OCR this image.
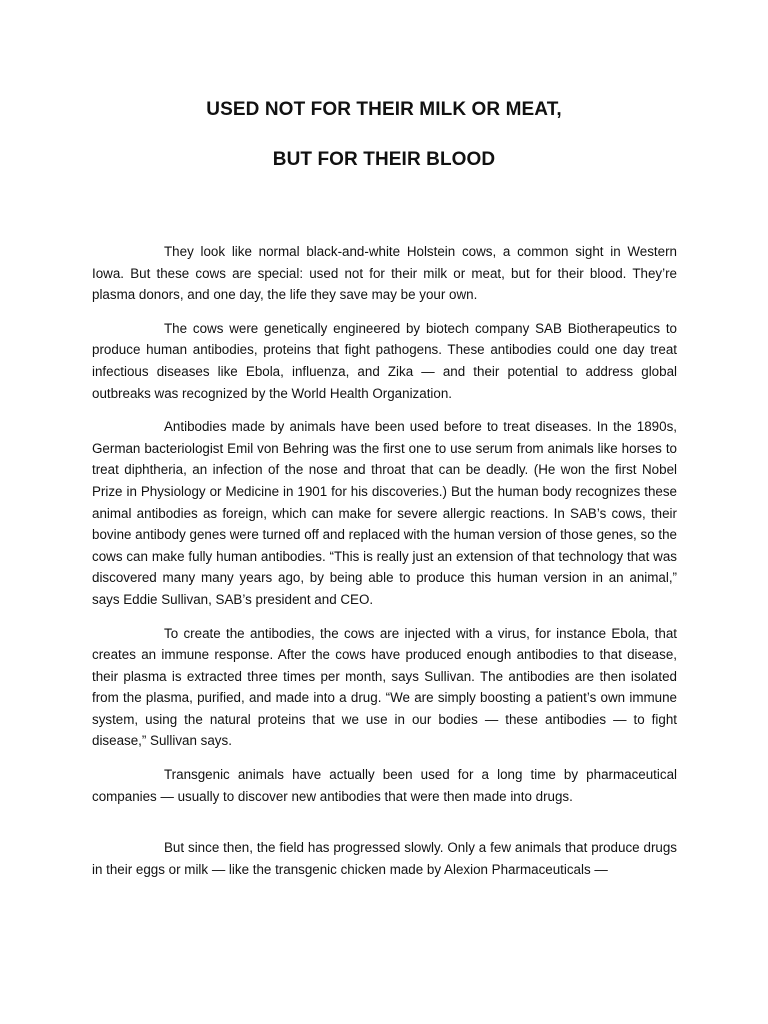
USED NOT FOR THEIR MILK OR MEAT,
BUT FOR THEIR BLOOD

They look like normal black-and-white Holstein cows, a common sight in Western Iowa. But these cows are special: used not for their milk or meat, but for their blood. They’re plasma donors, and one day, the life they save may be your own.

The cows were genetically engineered by biotech company SAB Biotherapeutics to produce human antibodies, proteins that fight pathogens. These antibodies could one day treat infectious diseases like Ebola, influenza, and Zika — and their potential to address global outbreaks was recognized by the World Health Organization.

Antibodies made by animals have been used before to treat diseases. In the 1890s, German bacteriologist Emil von Behring was the first one to use serum from animals like horses to treat diphtheria, an infection of the nose and throat that can be deadly. (He won the first Nobel Prize in Physiology or Medicine in 1901 for his discoveries.) But the human body recognizes these animal antibodies as foreign, which can make for severe allergic reactions. In SAB’s cows, their bovine antibody genes were turned off and replaced with the human version of those genes, so the cows can make fully human antibodies. “This is really just an extension of that technology that was discovered many many years ago, by being able to produce this human version in an animal,” says Eddie Sullivan, SAB’s president and CEO.

To create the antibodies, the cows are injected with a virus, for instance Ebola, that creates an immune response. After the cows have produced enough antibodies to that disease, their plasma is extracted three times per month, says Sullivan. The antibodies are then isolated from the plasma, purified, and made into a drug. “We are simply boosting a patient’s own immune system, using the natural proteins that we use in our bodies — these antibodies — to fight disease,” Sullivan says.

Transgenic animals have actually been used for a long time by pharmaceutical companies — usually to discover new antibodies that were then made into drugs.

But since then, the field has progressed slowly. Only a few animals that produce drugs in their eggs or milk — like the transgenic chicken made by Alexion Pharmaceuticals —
